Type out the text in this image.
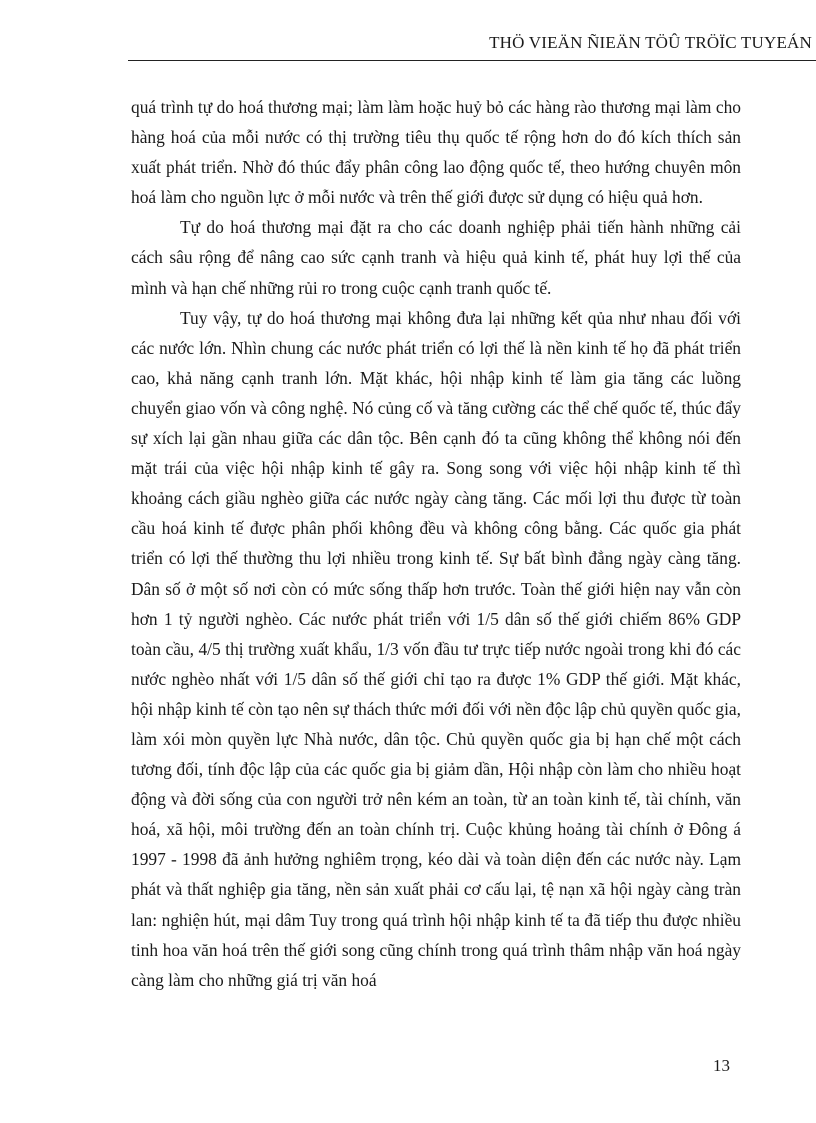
THÖ VIEÄN ÑIEÄN TÖÛ TRÖÏC TUYEÁN

quá trình tự do hoá thương mại; làm làm hoặc huỷ bỏ các hàng rào thương mại làm cho hàng hoá của mỗi nước có thị trường tiêu thụ quốc tế rộng hơn do đó kích thích sản xuất phát triển. Nhờ đó thúc đẩy phân công lao động quốc tế, theo hướng chuyên môn hoá làm cho nguồn lực ở mỗi nước và trên thế giới được sử dụng có hiệu quả hơn.

Tự do hoá thương mại đặt ra cho các doanh nghiệp phải tiến hành những cải cách sâu rộng để nâng cao sức cạnh tranh và hiệu quả kinh tế, phát huy lợi thế của mình và hạn chế những rủi ro trong cuộc cạnh tranh quốc tế.

Tuy vậy, tự do hoá thương mại không đưa lại những kết qủa như nhau đối với các nước lớn. Nhìn chung các nước phát triển có lợi thế là nền kinh tế họ đã phát triển cao, khả năng cạnh tranh lớn. Mặt khác, hội nhập kinh tế làm gia tăng các luồng chuyển giao vốn và công nghệ. Nó củng cố và tăng cường các thể chế quốc tế, thúc đẩy sự xích lại gần nhau giữa các dân tộc. Bên cạnh đó ta cũng không thể không nói đến mặt trái của việc hội nhập kinh tế gây ra. Song song với việc hội nhập kinh tế thì khoảng cách giầu nghèo giữa các nước ngày càng tăng. Các mối lợi thu được từ toàn cầu hoá kinh tế được phân phối không đều và không công bằng. Các quốc gia phát triển có lợi thế thường thu lợi nhiều trong kinh tế. Sự bất bình đẳng ngày càng tăng. Dân số ở một số nơi còn có mức sống thấp hơn trước. Toàn thế giới hiện nay vẫn còn hơn 1 tỷ người nghèo. Các nước phát triển với 1/5 dân số thế giới chiếm 86% GDP toàn cầu, 4/5 thị trường xuất khẩu, 1/3 vốn đầu tư trực tiếp nước ngoài trong khi đó các nước nghèo nhất với 1/5 dân số thế giới chỉ tạo ra được 1% GDP thế giới. Mặt khác, hội nhập kinh tế còn tạo nên sự thách thức mới đối với nền độc lập chủ quyền quốc gia, làm xói mòn quyền lực Nhà nước, dân tộc. Chủ quyền quốc gia bị hạn chế một cách tương đối, tính độc lập của các quốc gia bị giảm dần, Hội nhập còn làm cho nhiều hoạt động và đời sống của con người trở nên kém an toàn, từ an toàn kinh tế, tài chính, văn hoá, xã hội, môi trường đến an toàn chính trị. Cuộc khủng hoảng tài chính ở Đông á 1997 - 1998 đã ảnh hưởng nghiêm trọng, kéo dài và toàn diện đến các nước này. Lạm phát và thất nghiệp gia tăng, nền sản xuất phải cơ cấu lại, tệ nạn xã hội ngày càng tràn lan: nghiện hút, mại dâm Tuy trong quá trình hội nhập kinh tế ta đã tiếp thu được nhiều tinh hoa văn hoá trên thế giới song cũng chính trong quá trình thâm nhập văn hoá ngày càng làm cho những giá trị văn hoá

13
